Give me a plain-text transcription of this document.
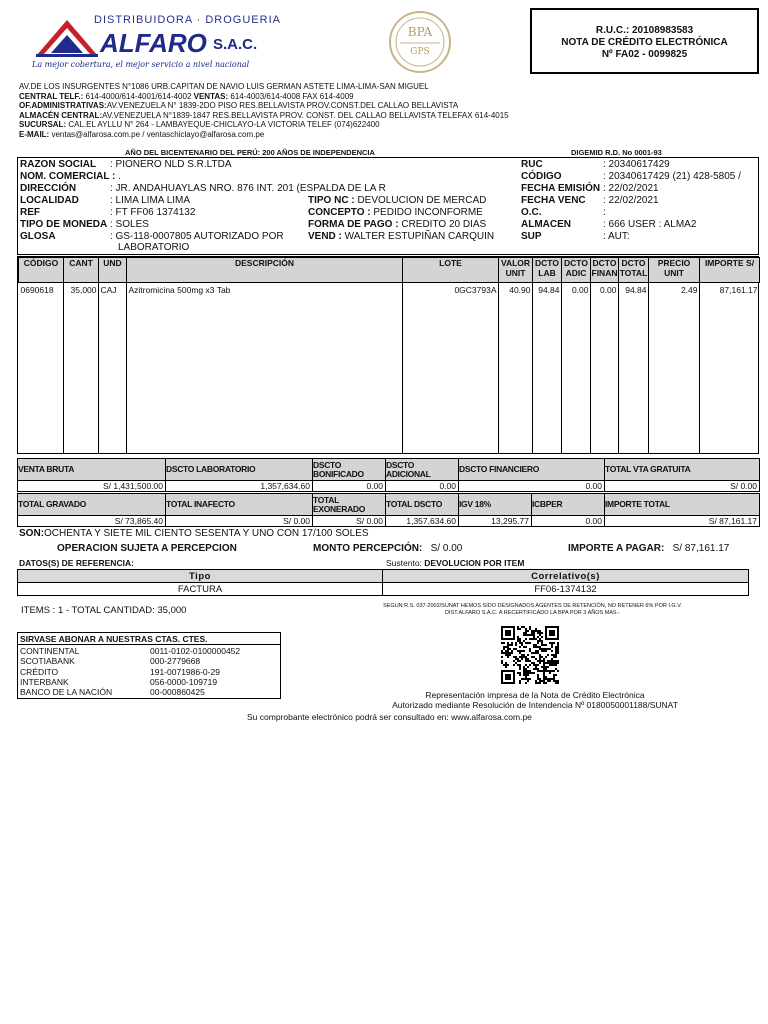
DISTRIBUIDORA · DROGUERIA
ALFARO S.A.C.
La mejor cobertura, el mejor servicio a nivel nacional
BPA
GPS
R.U.C.: 20108983583
NOTA DE CRÉDITO ELECTRÓNICA
Nº FA02 - 0099825
AV.DE LOS INSURGENTES N°1086 URB.CAPITAN DE NAVIO LUIS GERMAN ASTETE LIMA-LIMA-SAN MIGUEL
CENTRAL TELF.: 614-4000/614-4001/614-4002 VENTAS: 614-4003/614-4008 FAX 614-4009
OF.ADMINISTRATIVAS:AV.VENEZUELA N° 1839-2DO PISO RES.BELLAVISTA PROV.CONST.DEL CALLAO BELLAVISTA
ALMACÉN CENTRAL:AV.VENEZUELA N°1839-1847 RES.BELLAVISTA PROV. CONST. DEL CALLAO BELLAVISTA TELEFAX 614-4015
SUCURSAL: CAL.EL AYLLU N° 264 - LAMBAYEQUE-CHICLAYO-LA VICTORIA TELEF (074)622400
E-MAIL: ventas@alfarosa.com.pe / ventaschiclayo@alfarosa.com.pe
AÑO DEL BICENTENARIO DEL PERÚ: 200 AÑOS DE INDEPENDENCIA	DIGEMID R.D. No 0001-93
RAZON SOCIAL : PIONERO NLD S.R.LTDA
NOM. COMERCIAL : .
DIRECCIÓN	: JR. ANDAHUAYLAS NRO. 876 INT. 201 (ESPALDA DE LA R
LOCALIDAD	: LIMA LIMA LIMA
REF	: FT FF06 1374132
TIPO DE MONEDA : SOLES
GLOSA	: GS-118-0007805 AUTORIZADO POR
LABORATORIO
TIPO NC : DEVOLUCION DE MERCAD
CONCEPTO : PEDIDO INCONFORME
FORMA DE PAGO : CREDITO 20 DIAS
VEND : WALTER ESTUPIÑAN CARQUIN
RUC	: 20340617429
CÓDIGO	: 20340617429 (21) 428-5805 /
FECHA EMISIÓN : 22/02/2021
FECHA VENC : 22/02/2021
O.C.	:
ALMACEN	: 666 USER : ALMA2
SUP	: AUT:
CÓDIGO	CANT	UND	DESCRIPCIÓN	LOTE	VALOR UNIT	DCTO LAB	DCTO ADIC	DCTO FINAN	DCTO TOTAL	PRECIO UNIT	IMPORTE S/
0690618	35,000	CAJ	Azitromicina 500mg x3 Tab	0GC3793A	40.90	94.84	0.00	0.00	94.84	2.49	87,161.17
VENTA BRUTA	DSCTO LABORATORIO	DSCTO BONIFICADO	DSCTO ADICIONAL	DSCTO FINANCIERO	TOTAL VTA GRATUITA
S/ 1,431,500.00	1,357,634.60	0.00	0.00	0.00	S/ 0.00
TOTAL GRAVADO	TOTAL INAFECTO	TOTAL EXONERADO	TOTAL DSCTO	IGV 18%	ICBPER	IMPORTE TOTAL
S/ 73,865.40	S/ 0.00	S/ 0.00	1,357,634.60	13,295.77	0.00	S/ 87,161.17
SON:OCHENTA Y SIETE MIL CIENTO SESENTA Y UNO CON 17/100 SOLES
OPERACION SUJETA A PERCEPCION	MONTO PERCEPCIÓN: S/ 0.00	IMPORTE A PAGAR: S/ 87,161.17
DATOS(S) DE REFERENCIA:	Sustento: DEVOLUCION POR ITEM
Tipo	Correlativo(s)
FACTURA	FF06-1374132
ITEMS : 1 - TOTAL CANTIDAD: 35,000	SEGUN R.S. 037-2002/SUNAT HEMOS SIDO DESIGNADOS AGENTES DE RETENCIÓN, NO RETENER 6% POR I.G.V.
DIST.ALFARO S.A.C. A RECERTIFICADO LA BPA POR 3 AÑOS MAS.-
SIRVASE ABONAR A NUESTRAS CTAS. CTES.
CONTINENTAL	0011-0102-0100000452
SCOTIABANK	000-2779668
CRÉDITO	191-0071986-0-29
INTERBANK	056-0000-109719
BANCO DE LA NACIÓN	00-000860425	Representación impresa de la Nota de Crédito Electrónica
Autorizado mediante Resolución de Intendencia Nº 0180050001188/SUNAT
Su comprobante electrónico podrá ser consultado en: www.alfarosa.com.pe
